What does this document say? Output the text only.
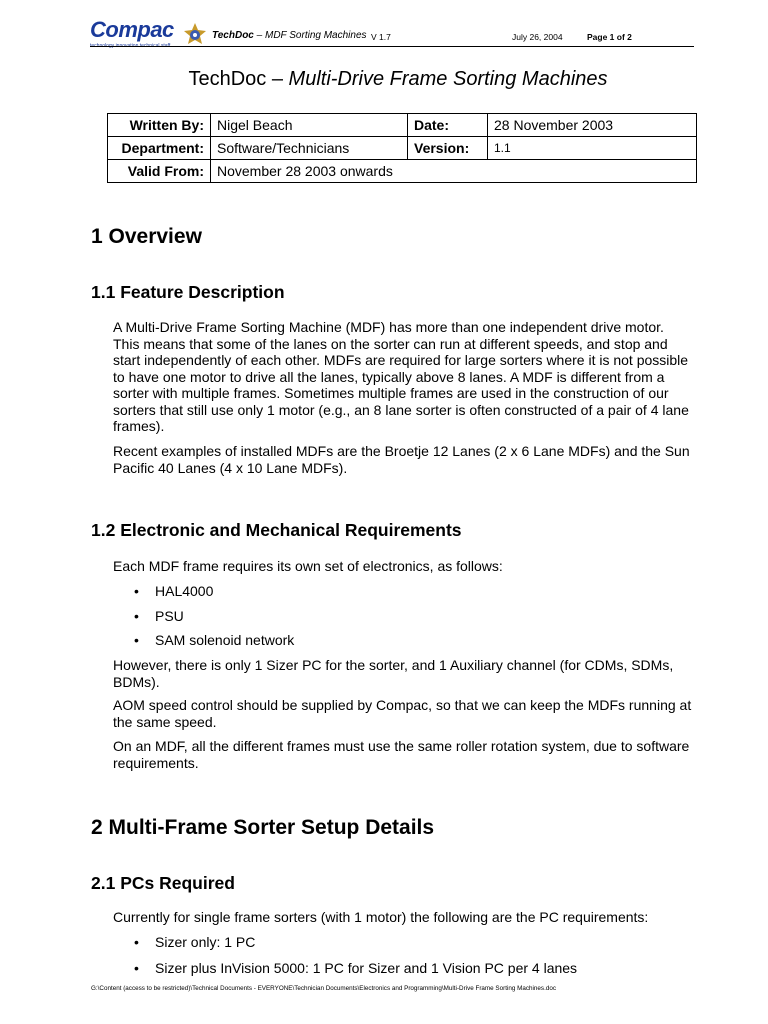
Compac	TechDoc – MDF Sorting Machines V 1.7	July 26, 2004	Page 1 of 2
TechDoc – Multi-Drive Frame Sorting Machines
Written By:	Nigel Beach	Date:	28 November 2003
Department:	Software/Technicians	Version:	1.1
Valid From:	November 28 2003 onwards		
1 Overview
1.1 Feature Description

A Multi-Drive Frame Sorting Machine (MDF) has more than one independent drive motor. This means that some of the lanes on the sorter can run at different speeds, and stop and start independently of each other. MDFs are required for large sorters where it is not possible to have one motor to drive all the lanes, typically above 8 lanes. A MDF is different from a sorter with multiple frames. Sometimes multiple frames are used in the construction of our sorters that still use only 1 motor (e.g., an 8 lane sorter is often constructed of a pair of 4 lane frames).

Recent examples of installed MDFs are the Broetje 12 Lanes (2 x 6 Lane MDFs) and the Sun Pacific 40 Lanes (4 x 10 Lane MDFs).

1.2 Electronic and Mechanical Requirements

Each MDF frame requires its own set of electronics, as follows:

• HAL4000
• PSU
• SAM solenoid network

However, there is only 1 Sizer PC for the sorter, and 1 Auxiliary channel (for CDMs, SDMs, BDMs).

AOM speed control should be supplied by Compac, so that we can keep the MDFs running at the same speed.

On an MDF, all the different frames must use the same roller rotation system, due to software requirements.

2 Multi-Frame Sorter Setup Details
2.1 PCs Required

Currently for single frame sorters (with 1 motor) the following are the PC requirements:

• Sizer only: 1 PC
• Sizer plus InVision 5000: 1 PC for Sizer and 1 Vision PC per 4 lanes
G:\Content (access to be restricted)\Technical Documents - EVERYONE\Technician Documents\Electronics and Programming\Multi-Drive Frame Sorting Machines.doc
